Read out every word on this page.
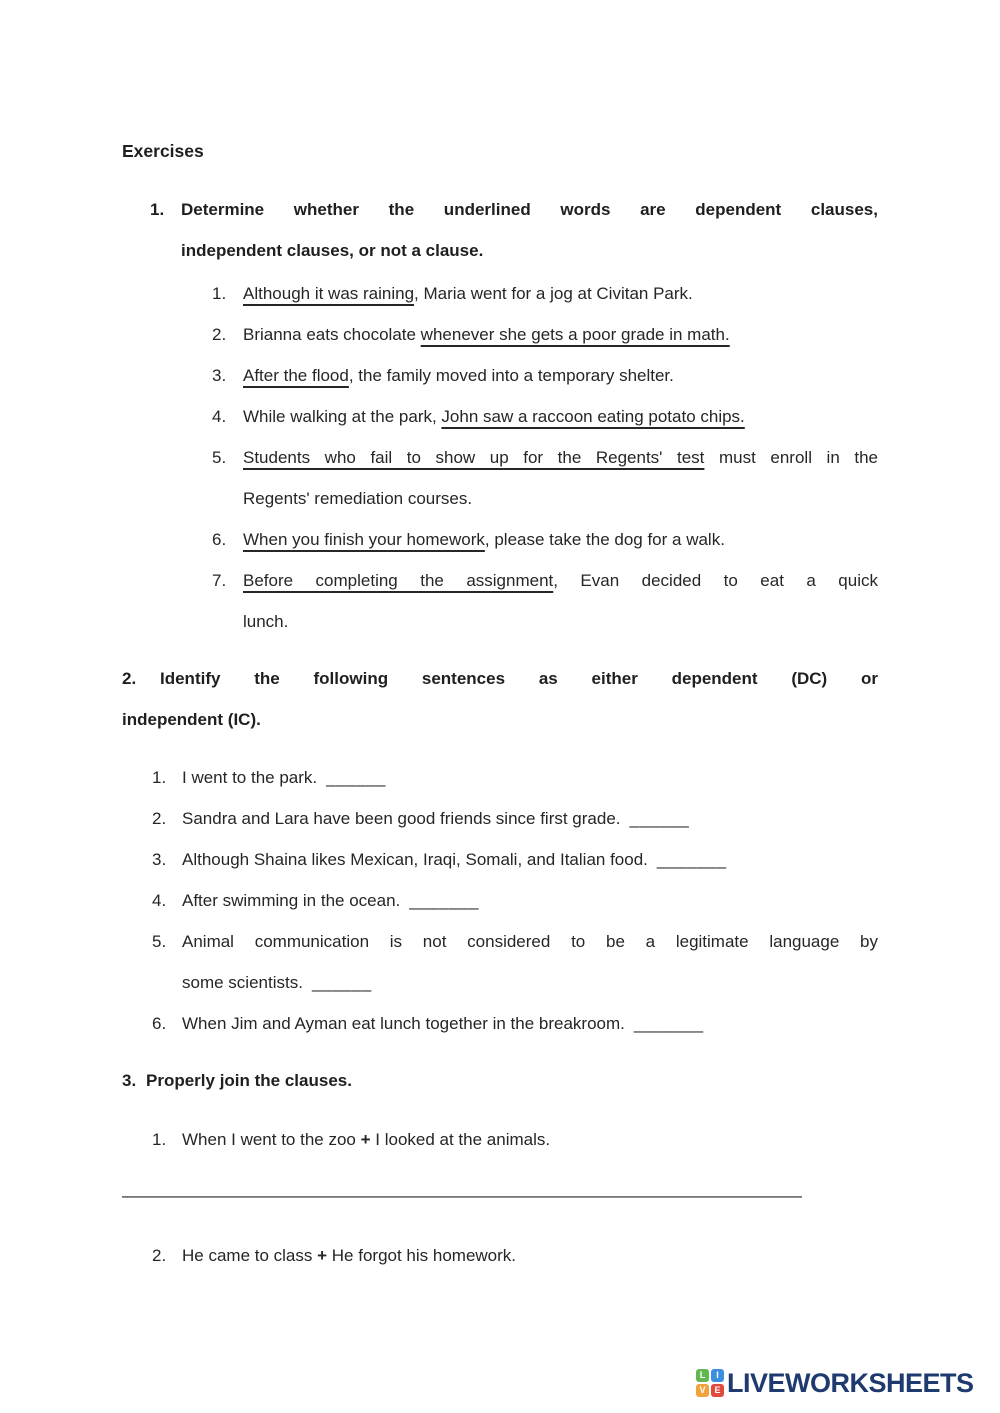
Exercises
1. Determine whether the underlined words are dependent clauses,
independent clauses, or not a clause.
1. Although it was raining, Maria went for a jog at Civitan Park.
2. Brianna eats chocolate whenever she gets a poor grade in math.
3. After the flood, the family moved into a temporary shelter.
4. While walking at the park, John saw a raccoon eating potato chips.
5. Students who fail to show up for the Regents' test must enroll in the
Regents' remediation courses.
6. When you finish your homework, please take the dog for a walk.
7. Before completing the assignment, Evan decided to eat a quick
lunch.
2. Identify the following sentences as either dependent (DC) or
independent (IC).
1. I went to the park. ______
2. Sandra and Lara have been good friends since first grade. ______
3. Although Shaina likes Mexican, Iraqi, Somali, and Italian food. _______
4. After swimming in the ocean. _______
5. Animal communication is not considered to be a legitimate language by
some scientists. ______
6. When Jim and Ayman eat lunch together in the breakroom. _______
3. Properly join the clauses.
1. When I went to the zoo + I looked at the animals.
————————————————————————————————————————
2. He came to class + He forgot his homework.
L	I
V E LIVEWORKSHEETS
